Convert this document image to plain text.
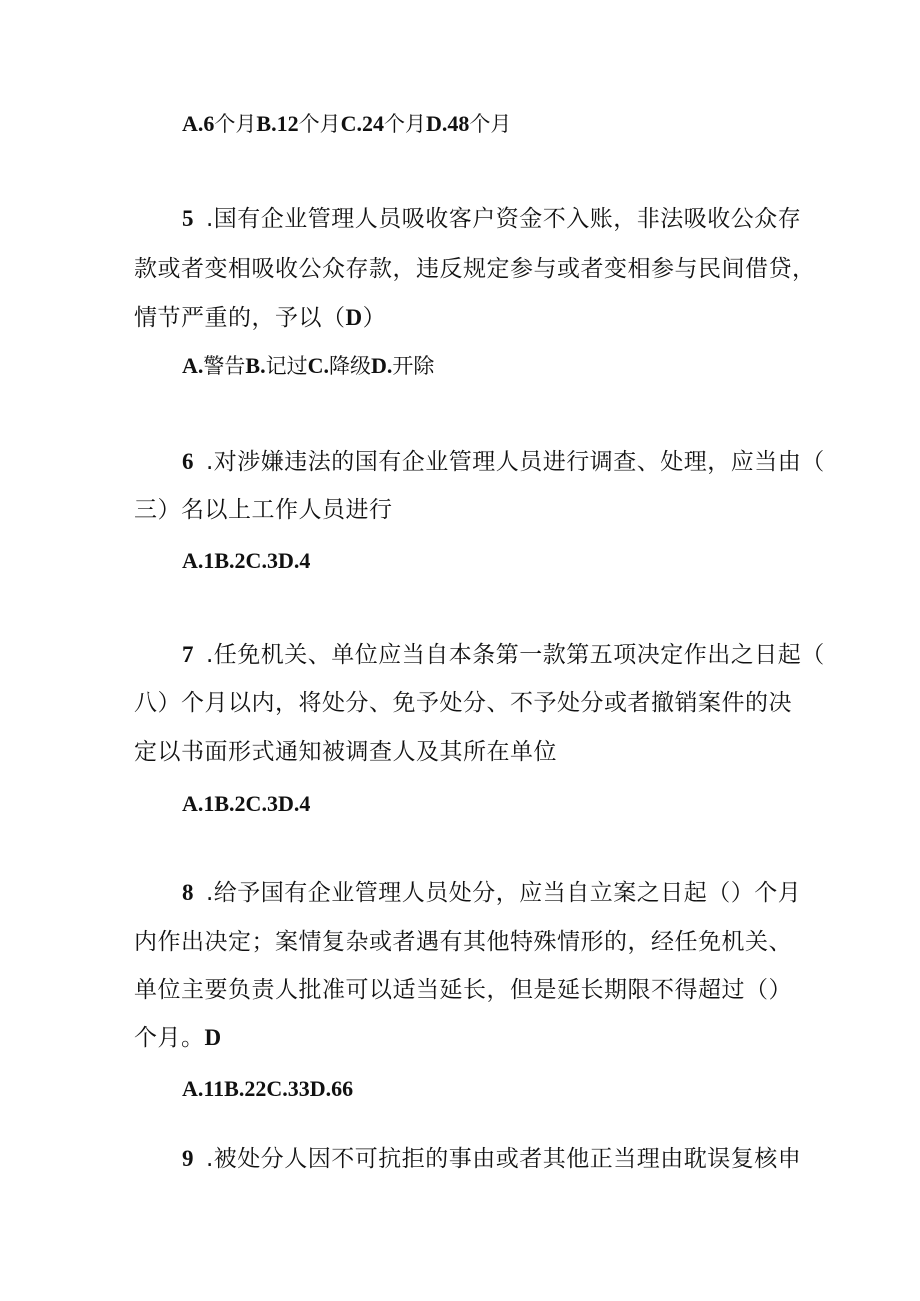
A.6个月B.12个月C.24个月D.48个月
5 .国有企业管理人员吸收客户资金不入账，非法吸收公众存
款或者变相吸收公众存款，违反规定参与或者变相参与民间借贷，
情节严重的，予以（D）
A.警告B.记过C.降级D.开除
6 .对涉嫌违法的国有企业管理人员进行调查、处理，应当由（
三）名以上工作人员进行
A.1B.2C.3D.4
7 .任免机关、单位应当自本条第一款第五项决定作出之日起（
八）个月以内，将处分、免予处分、不予处分或者撤销案件的决
定以书面形式通知被调查人及其所在单位
A.1B.2C.3D.4
8 .给予国有企业管理人员处分，应当自立案之日起（）个月
内作出决定；案情复杂或者遇有其他特殊情形的，经任免机关、
单位主要负责人批准可以适当延长，但是延长期限不得超过（）
个月。D
A.11B.22C.33D.66
9 .被处分人因不可抗拒的事由或者其他正当理由耽误复核申
